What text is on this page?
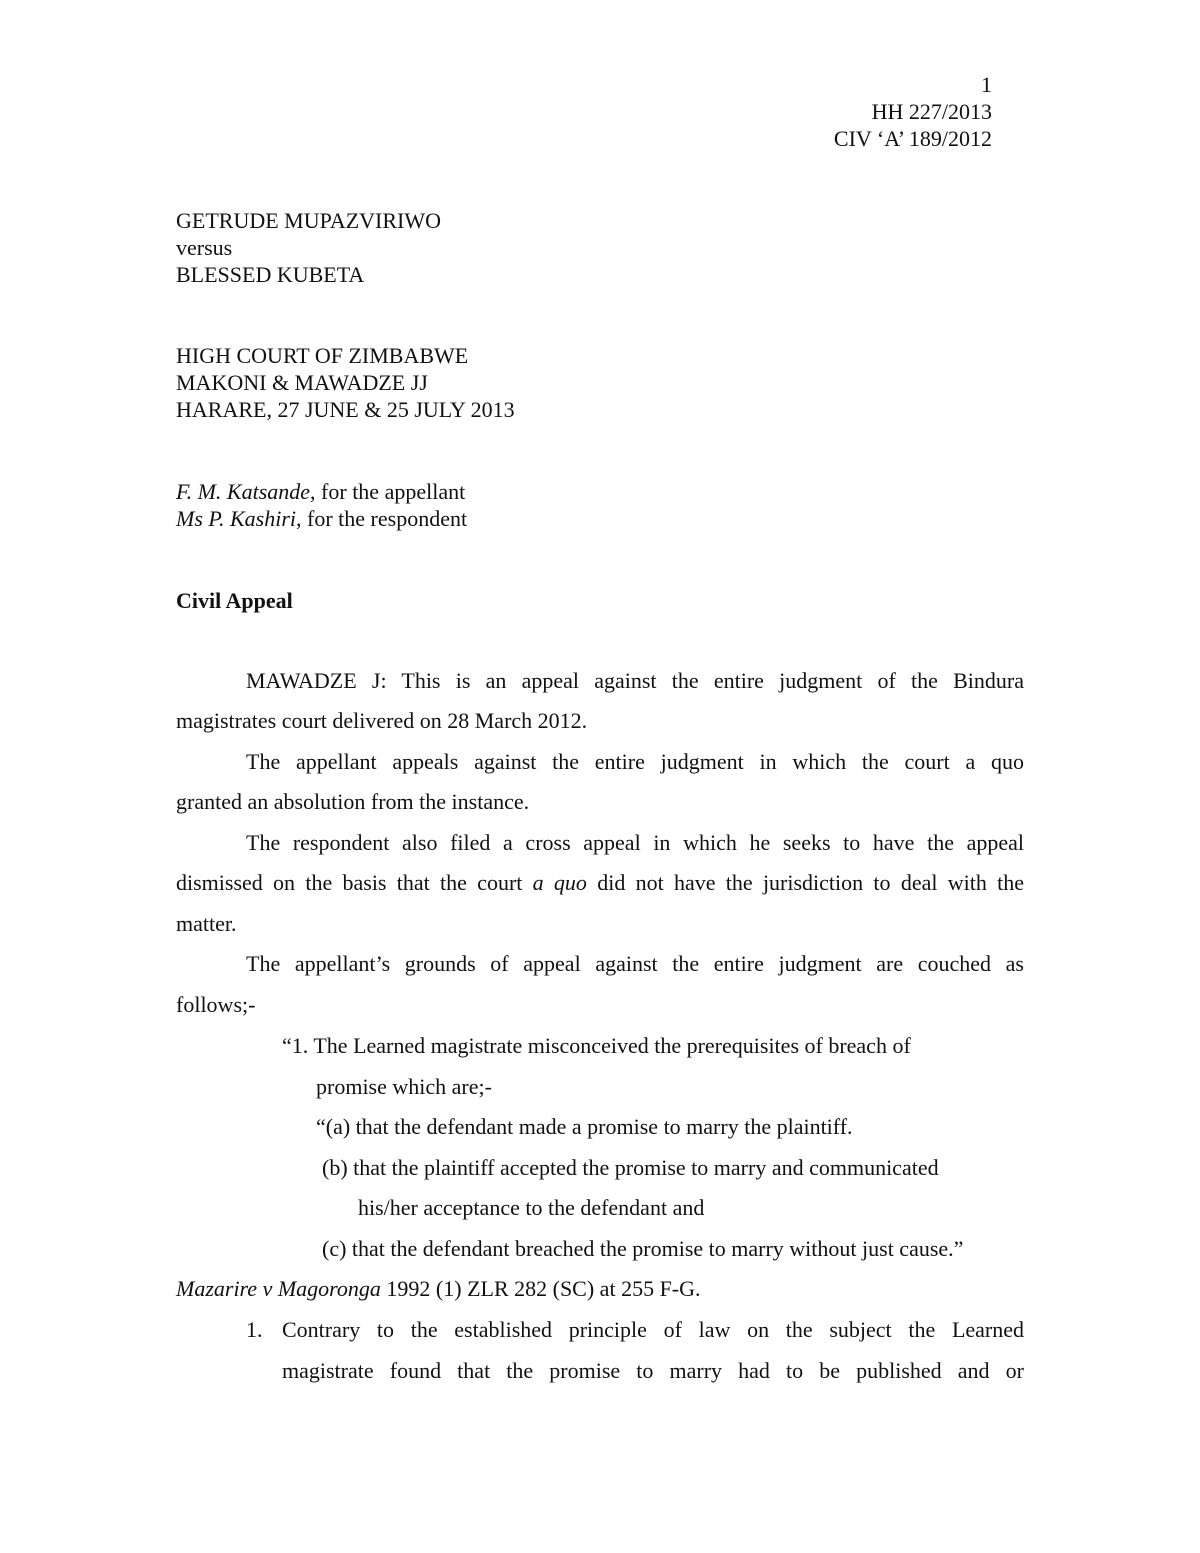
1
HH 227/2013
CIV ‘A’ 189/2012
GETRUDE MUPAZVIRIWO
versus
BLESSED KUBETA
HIGH COURT OF ZIMBABWE
MAKONI & MAWADZE JJ
HARARE, 27 JUNE & 25 JULY 2013
F. M. Katsande, for the appellant
Ms P. Kashiri, for the respondent
Civil Appeal
MAWADZE J: This is an appeal against the entire judgment of the Bindura
magistrates court delivered on 28 March 2012.
The appellant appeals against the entire judgment in which the court a quo
granted an absolution from the instance.
The respondent also filed a cross appeal in which he seeks to have the appeal
dismissed on the basis that the court a quo did not have the jurisdiction to deal with the
matter.
The appellant’s grounds of appeal against the entire judgment are couched as
follows;-
“1. The Learned magistrate misconceived the prerequisites of breach of
promise which are;-
“(a) that the defendant made a promise to marry the plaintiff.
(b) that the plaintiff accepted the promise to marry and communicated
his/her acceptance to the defendant and
(c) that the defendant breached the promise to marry without just cause.”
Mazarire v Magoronga 1992 (1) ZLR 282 (SC) at 255 F-G.
1. Contrary to the established principle of law on the subject the Learned
magistrate found that the promise to marry had to be published and or
